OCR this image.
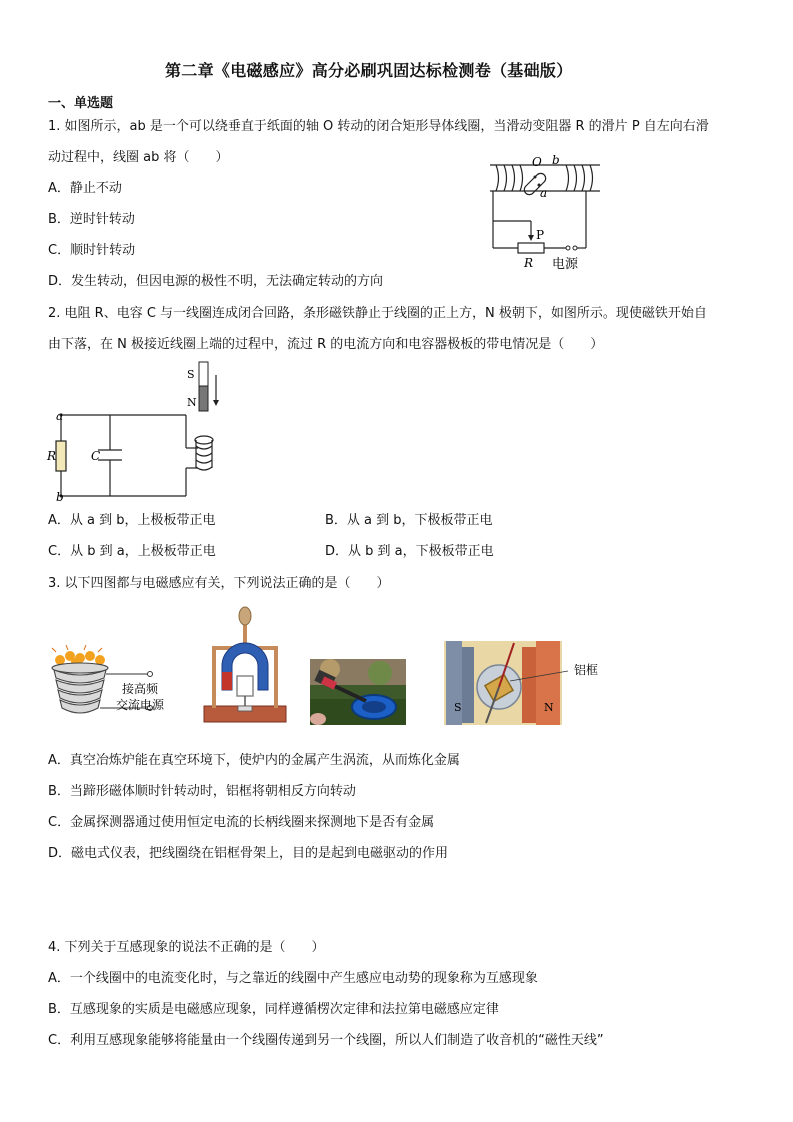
第二章《电磁感应》高分必刷巩固达标检测卷（基础版）
一、单选题
1. 如图所示，ab 是一个可以绕垂直于纸面的轴 O 转动的闭合矩形导体线圈，当滑动变阻器 R 的滑片 P 自左向右滑
动过程中，线圈 ab 将（　　）
A．静止不动
B．逆时针转动
C．顺时针转动
D．发生转动，但因电源的极性不明，无法确定转动的方向
O b
a
P
R 电源
2. 电阻 R、电容 C 与一线圈连成闭合回路，条形磁铁静止于线圈的正上方，N 极朝下，如图所示。现使磁铁开始自
由下落，在 N 极接近线圈上端的过程中，流过 R 的电流方向和电容器极板的带电情况是（　　）
S
N
a
b
R	C
A．从 a 到 b，上极板带正电	B．从 a 到 b，下极板带正电
C．从 b 到 a，上极板带正电	D．从 b 到 a，下极板带正电
3. 以下四图都与电磁感应有关，下列说法正确的是（　　）
接高频
交流电源	S	N
铝框
A．真空冶炼炉能在真空环境下，使炉内的金属产生涡流，从而炼化金属
B．当蹄形磁体顺时针转动时，铝框将朝相反方向转动
C．金属探测器通过使用恒定电流的长柄线圈来探测地下是否有金属
D．磁电式仪表，把线圈绕在铝框骨架上，目的是起到电磁驱动的作用
4. 下列关于互感现象的说法不正确的是（　　）
A．一个线圈中的电流变化时，与之靠近的线圈中产生感应电动势的现象称为互感现象
B．互感现象的实质是电磁感应现象，同样遵循楞次定律和法拉第电磁感应定律
C．利用互感现象能够将能量由一个线圈传递到另一个线圈，所以人们制造了收音机的“磁性天线”
